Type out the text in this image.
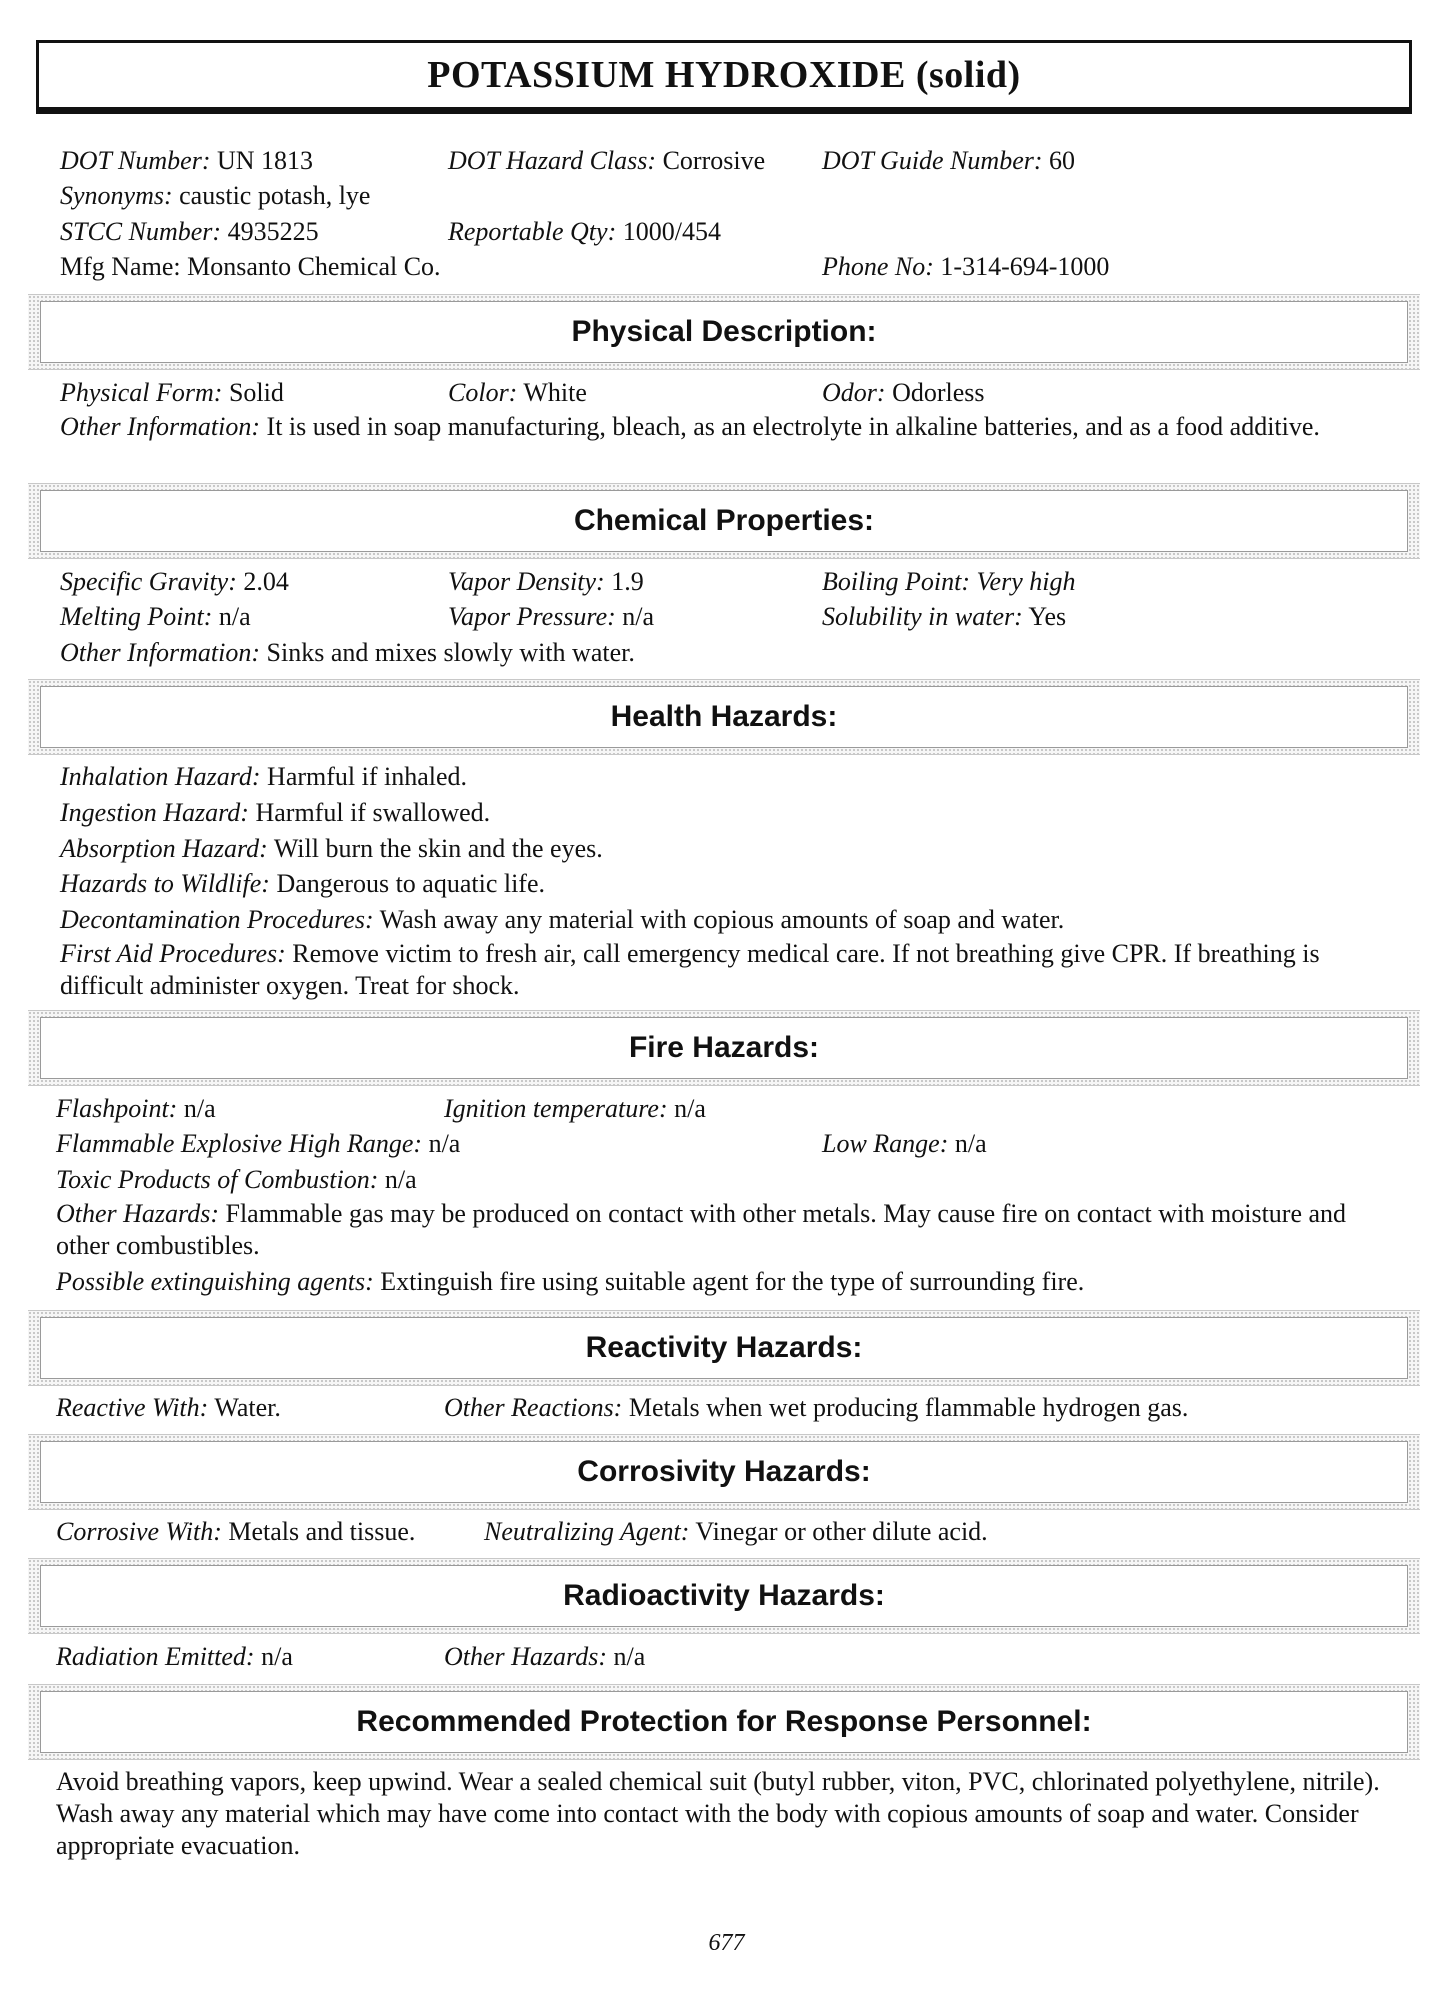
POTASSIUM HYDROXIDE (solid)
DOT Number: UN 1813	DOT Hazard Class: Corrosive DOT Guide Number: 60
Synonyms: caustic potash, lye
STCC Number: 4935225	Reportable Qty: 1000/454
Mfg Name: Monsanto Chemical Co.	Phone No: 1-314-694-1000
Physical Description:
Physical Form: Solid	Color: White	Odor: Odorless
Other Information: It is used in soap manufacturing, bleach, as an electrolyte in alkaline batteries, and as a food additive.
Chemical Properties:
Specific Gravity: 2.04	Vapor Density: 1.9	Boiling Point: Very high
Melting Point: n/a	Vapor Pressure: n/a	Solubility in water: Yes
Other Information: Sinks and mixes slowly with water.
Health Hazards:
Inhalation Hazard: Harmful if inhaled.
Ingestion Hazard: Harmful if swallowed.
Absorption Hazard: Will burn the skin and the eyes.
Hazards to Wildlife: Dangerous to aquatic life.
Decontamination Procedures: Wash away any material with copious amounts of soap and water.
First Aid Procedures: Remove victim to fresh air, call emergency medical care. If not breathing give CPR. If breathing is difficult administer oxygen. Treat for shock.
Fire Hazards:
Flashpoint: n/a	Ignition temperature: n/a
Flammable Explosive High Range: n/a	Low Range: n/a
Toxic Products of Combustion: n/a
Other Hazards: Flammable gas may be produced on contact with other metals. May cause fire on contact with moisture and other combustibles.
Possible extinguishing agents: Extinguish fire using suitable agent for the type of surrounding fire.
Reactivity Hazards:
Reactive With: Water.	Other Reactions: Metals when wet producing flammable hydrogen gas.
Corrosivity Hazards:
Corrosive With: Metals and tissue.	Neutralizing Agent: Vinegar or other dilute acid.
Radioactivity Hazards:
Radiation Emitted: n/a	Other Hazards: n/a
Recommended Protection for Response Personnel:
Avoid breathing vapors, keep upwind. Wear a sealed chemical suit (butyl rubber, viton, PVC, chlorinated polyethylene, nitrile). Wash away any material which may have come into contact with the body with copious amounts of soap and water. Consider appropriate evacuation.
677
